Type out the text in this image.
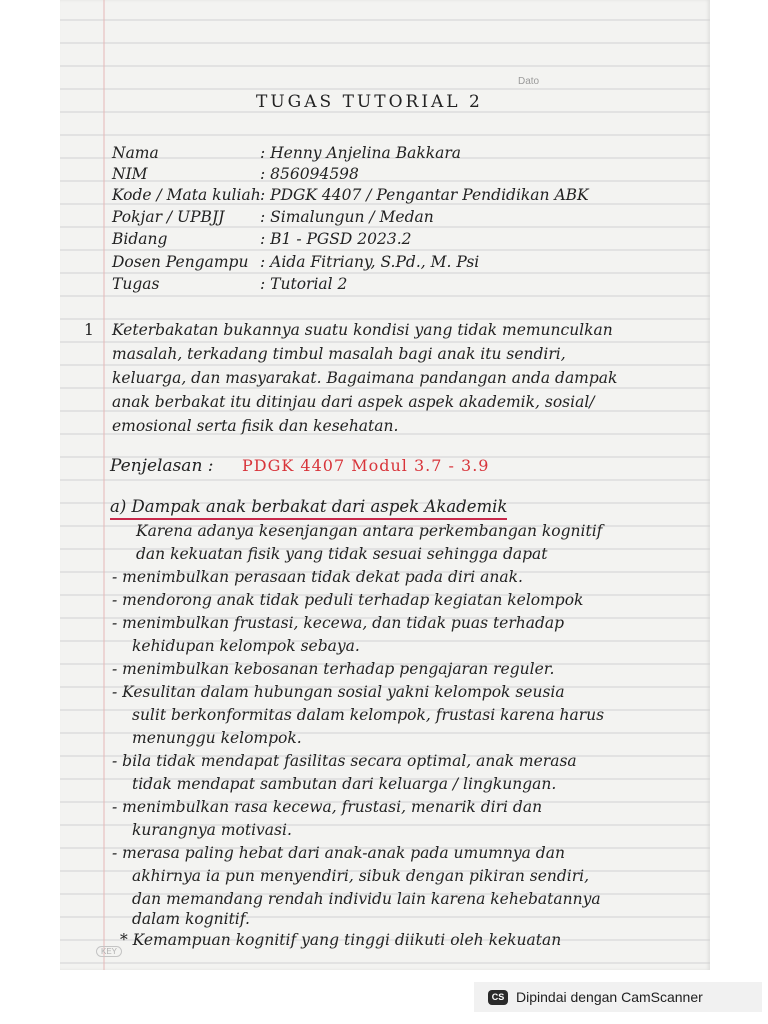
Dato
TUGAS TUTORIAL 2
Nama	: Henny Anjelina Bakkara
NIM	: 856094598
Kode / Mata kuliah : PDGK 4407 / Pengantar Pendidikan ABK
Pokjar / UPBJJ : Simalungun / Medan
Bidang	: B1 - PGSD 2023.2
Dosen Pengampu : Aida Fitriany, S.Pd., M. Psi
Tugas	: Tutorial 2
1 Keterbakatan bukannya suatu kondisi yang tidak memunculkan
masalah, terkadang timbul masalah bagi anak itu sendiri,
keluarga, dan masyarakat. Bagaimana pandangan anda dampak
anak berbakat itu ditinjau dari aspek aspek akademik, sosial/
emosional serta fisik dan kesehatan.
Penjelasan : PDGK 4407 Modul 3.7 - 3.9
a) Dampak anak berbakat dari aspek Akademik
Karena adanya kesenjangan antara perkembangan kognitif
dan kekuatan fisik yang tidak sesuai sehingga dapat
- menimbulkan perasaan tidak dekat pada diri anak.
- mendorong anak tidak peduli terhadap kegiatan kelompok
- menimbulkan frustasi, kecewa, dan tidak puas terhadap
kehidupan kelompok sebaya.
- menimbulkan kebosanan terhadap pengajaran reguler.
- Kesulitan dalam hubungan sosial yakni kelompok seusia
sulit berkonformitas dalam kelompok, frustasi karena harus
menunggu kelompok.
- bila tidak mendapat fasilitas secara optimal, anak merasa
tidak mendapat sambutan dari keluarga / lingkungan.
- menimbulkan rasa kecewa, frustasi, menarik diri dan
kurangnya motivasi.
- merasa paling hebat dari anak-anak pada umumnya dan
akhirnya ia pun menyendiri, sibuk dengan pikiran sendiri,
dan memandang rendah individu lain karena kehebatannya
dalam kognitif.
* Kemampuan kognitif yang tinggi diikuti oleh kekuatan
KEY
CS Dipindai dengan CamScanner
